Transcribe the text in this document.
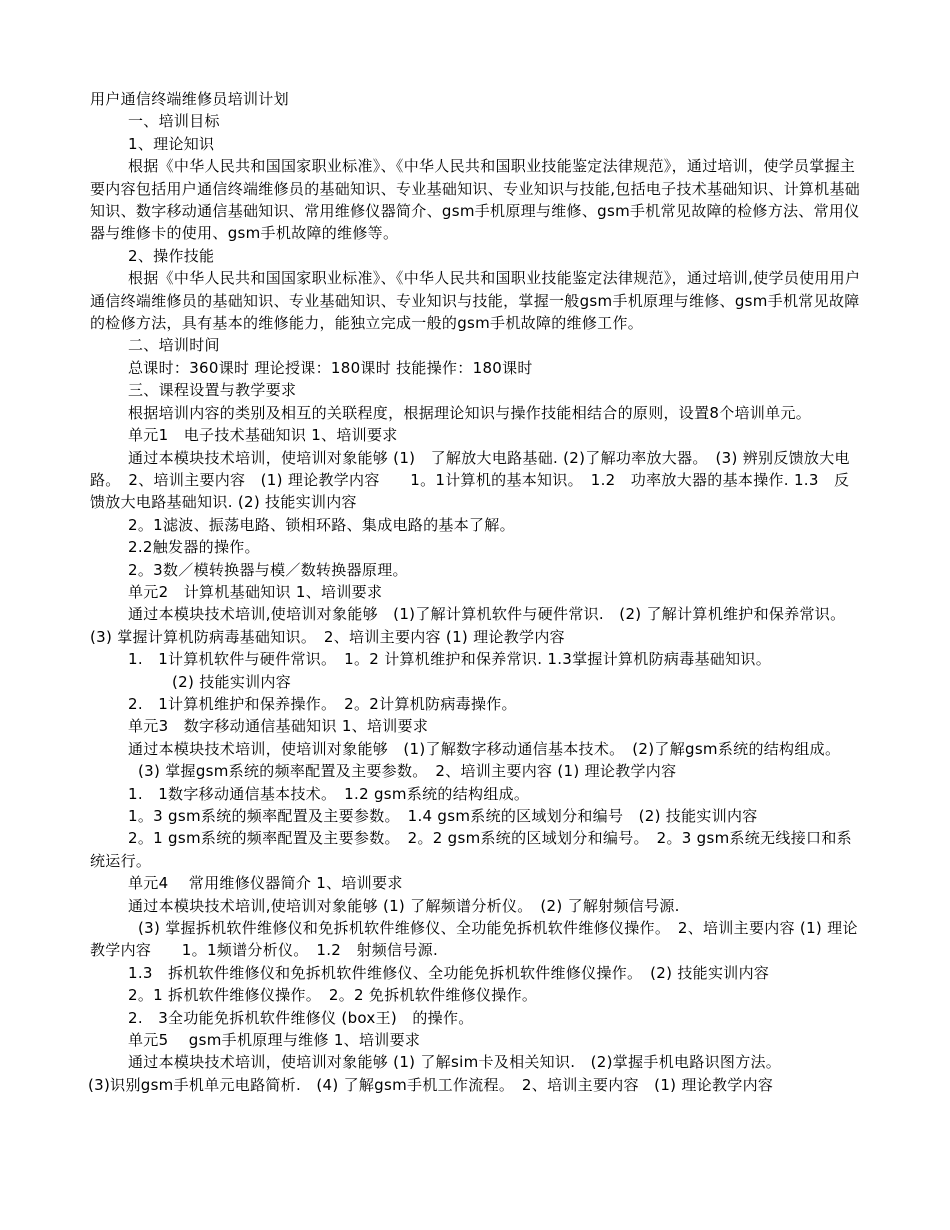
用户通信终端维修员培训计划

一、培训目标

1、理论知识

根据《中华人民共和国国家职业标准》、《中华人民共和国职业技能鉴定法律规范》，通过培训，使学员掌握主要内容包括用户通信终端维修员的基础知识、专业基础知识、专业知识与技能,包括电子技术基础知识、计算机基础知识、数字移动通信基础知识、常用维修仪器简介、gsm手机原理与维修、gsm手机常见故障的检修方法、常用仪器与维修卡的使用、gsm手机故障的维修等。

2、操作技能

根据《中华人民共和国国家职业标准》、《中华人民共和国职业技能鉴定法律规范》，通过培训,使学员使用用户通信终端维修员的基础知识、专业基础知识、专业知识与技能，掌握一般gsm手机原理与维修、gsm手机常见故障的检修方法，具有基本的维修能力，能独立完成一般的gsm手机故障的维修工作。

二、培训时间

总课时：360课时 理论授课：180课时 技能操作：180课时

三、课程设置与教学要求

根据培训内容的类别及相互的关联程度，根据理论知识与操作技能相结合的原则，设置8个培训单元。

单元1　电子技术基础知识 1、培训要求

通过本模块技术培训，使培训对象能够 (1)　了解放大电路基础. (2)了解功率放大器。　(3) 辨别反馈放大电路。　2、培训主要内容　(1) 理论教学内容　　1。1计算机的基本知识。　1.2　功率放大器的基本操作. 1.3　反馈放大电路基础知识. (2) 技能实训内容

2。1滤波、振荡电路、锁相环路、集成电路的基本了解。

2.2触发器的操作。

2。3数／模转换器与模／数转换器原理。

单元2　计算机基础知识 1、培训要求

通过本模块技术培训,使培训对象能够　(1)了解计算机软件与硬件常识.　(2) 了解计算机维护和保养常识。　(3) 掌握计算机防病毒基础知识。　2、培训主要内容 (1) 理论教学内容

1.　1计算机软件与硬件常识。　1。2 计算机维护和保养常识. 1.3掌握计算机防病毒基础知识。

(2) 技能实训内容

2.　1计算机维护和保养操作。　2。2计算机防病毒操作。

单元3　数字移动通信基础知识 1、培训要求

通过本模块技术培训，使培训对象能够　(1)了解数字移动通信基本技术。　(2)了解gsm系统的结构组成。

(3) 掌握gsm系统的频率配置及主要参数。　2、培训主要内容 (1) 理论教学内容

1.　1数字移动通信基本技术。　1.2 gsm系统的结构组成。

1。3 gsm系统的频率配置及主要参数。　1.4 gsm系统的区域划分和编号　(2) 技能实训内容

2。1 gsm系统的频率配置及主要参数。　2。2 gsm系统的区域划分和编号。　2。3 gsm系统无线接口和系统运行。

单元4　 常用维修仪器简介 1、培训要求

通过本模块技术培训,使培训对象能够 (1) 了解频谱分析仪。　(2) 了解射频信号源.

(3) 掌握拆机软件维修仪和免拆机软件维修仪、全功能免拆机软件维修仪操作。　2、培训主要内容 (1) 理论教学内容　　1。1频谱分析仪。　1.2　射频信号源.

1.3　拆机软件维修仪和免拆机软件维修仪、全功能免拆机软件维修仪操作。　(2) 技能实训内容

2。1 拆机软件维修仪操作。　2。2 免拆机软件维修仪操作。

2.　3全功能免拆机软件维修仪 (box王)　的操作。

单元5　 gsm手机原理与维修 1、培训要求

通过本模块技术培训，使培训对象能够 (1) 了解sim卡及相关知识.　(2)掌握手机电路识图方法。

(3)识别gsm手机单元电路简析.　(4) 了解gsm手机工作流程。　2、培训主要内容　(1) 理论教学内容
